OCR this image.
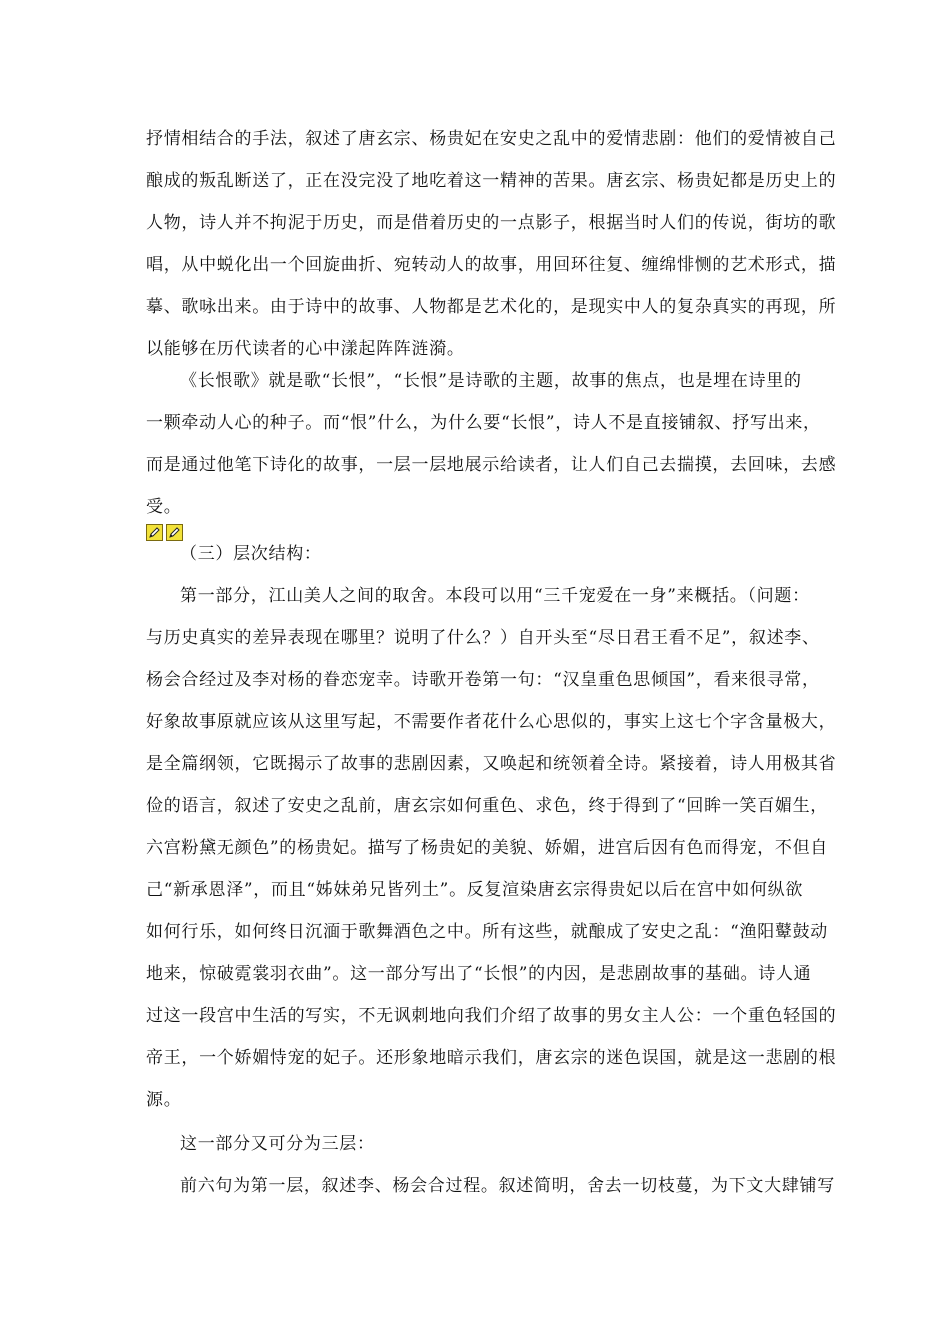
抒情相结合的手法，叙述了唐玄宗、杨贵妃在安史之乱中的爱情悲剧：他们的爱情被自己
酿成的叛乱断送了，正在没完没了地吃着这一精神的苦果。唐玄宗、杨贵妃都是历史上的
人物，诗人并不拘泥于历史，而是借着历史的一点影子，根据当时人们的传说，街坊的歌
唱，从中蜕化出一个回旋曲折、宛转动人的故事，用回环往复、缠绵悱恻的艺术形式，描
摹、歌咏出来。由于诗中的故事、人物都是艺术化的，是现实中人的复杂真实的再现，所
以能够在历代读者的心中漾起阵阵涟漪。
《长恨歌》就是歌“长恨”，“长恨”是诗歌的主题，故事的焦点，也是埋在诗里的
一颗牵动人心的种子。而“恨”什么，为什么要“长恨”，诗人不是直接铺叙、抒写出来，
而是通过他笔下诗化的故事，一层一层地展示给读者，让人们自己去揣摸，去回味，去感
受。
（三）层次结构：
第一部分，江山美人之间的取舍。本段可以用“三千宠爱在一身”来概括。（问题：
与历史真实的差异表现在哪里？说明了什么？）自开头至“尽日君王看不足”，叙述李、
杨会合经过及李对杨的眷恋宠幸。诗歌开卷第一句：“汉皇重色思倾国”，看来很寻常，
好象故事原就应该从这里写起，不需要作者花什么心思似的，事实上这七个字含量极大，
是全篇纲领，它既揭示了故事的悲剧因素，又唤起和统领着全诗。紧接着，诗人用极其省
俭的语言，叙述了安史之乱前，唐玄宗如何重色、求色，终于得到了“回眸一笑百媚生，
六宫粉黛无颜色”的杨贵妃。描写了杨贵妃的美貌、娇媚，进宫后因有色而得宠，不但自
己“新承恩泽”，而且“姊妹弟兄皆列土”。反复渲染唐玄宗得贵妃以后在宫中如何纵欲
如何行乐，如何终日沉湎于歌舞酒色之中。所有这些，就酿成了安史之乱：“渔阳鼙鼓动
地来，惊破霓裳羽衣曲”。这一部分写出了“长恨”的内因，是悲剧故事的基础。诗人通
过这一段宫中生活的写实，不无讽刺地向我们介绍了故事的男女主人公：一个重色轻国的
帝王，一个娇媚恃宠的妃子。还形象地暗示我们，唐玄宗的迷色误国，就是这一悲剧的根
源。
这一部分又可分为三层：
前六句为第一层，叙述李、杨会合过程。叙述简明，舍去一切枝蔓，为下文大肆铺写
